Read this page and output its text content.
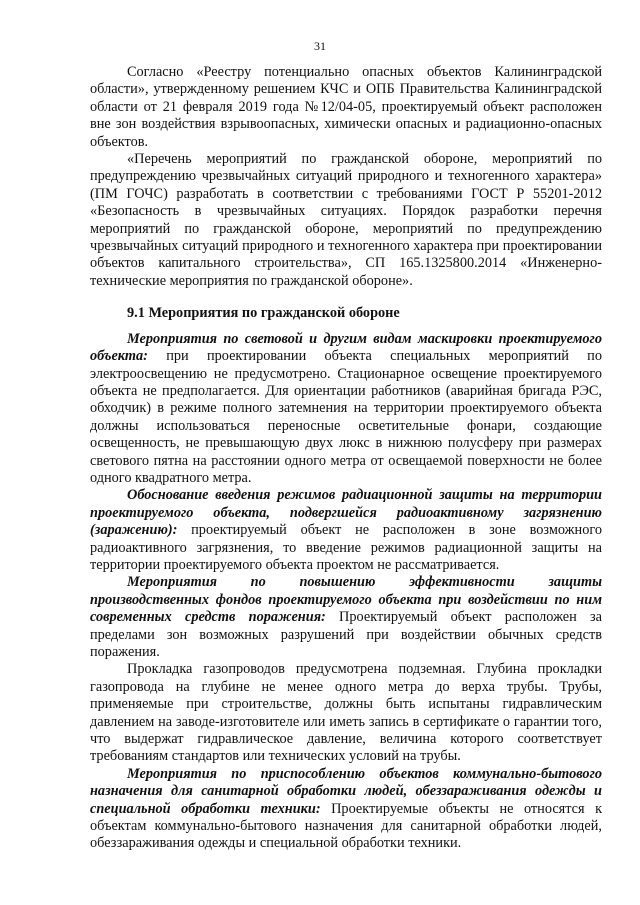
31

Согласно «Реестру потенциально опасных объектов Калининградской области», утвержденному решением КЧС и ОПБ Правительства Калининградской области от 21 февраля 2019 года №12/04-05, проектируемый объект расположен вне зон воздействия взрывоопасных, химически опасных и радиационно-опасных объектов.

«Перечень мероприятий по гражданской обороне, мероприятий по предупреждению чрезвычайных ситуаций природного и техногенного характера» (ПМ ГОЧС) разработать в соответствии с требованиями ГОСТ Р 55201-2012 «Безопасность в чрезвычайных ситуациях. Порядок разработки перечня мероприятий по гражданской обороне, мероприятий по предупреждению чрезвычайных ситуаций природного и техногенного характера при проектировании объектов капитального строительства», СП 165.1325800.2014 «Инженерно-технические мероприятия по гражданской обороне».

9.1 Мероприятия по гражданской обороне

Мероприятия по световой и другим видам маскировки проектируемого объекта: при проектировании объекта специальных мероприятий по электроосвещению не предусмотрено. Стационарное освещение проектируемого объекта не предполагается. Для ориентации работников (аварийная бригада РЭС, обходчик) в режиме полного затемнения на территории проектируемого объекта должны использоваться переносные осветительные фонари, создающие освещенность, не превышающую двух люкс в нижнюю полусферу при размерах светового пятна на расстоянии одного метра от освещаемой поверхности не более одного квадратного метра.

Обоснование введения режимов радиационной защиты на территории проектируемого объекта, подвергшейся радиоактивному загрязнению (заражению): проектируемый объект не расположен в зоне возможного радиоактивного загрязнения, то введение режимов радиационной защиты на территории проектируемого объекта проектом не рассматривается.

Мероприятия по повышению эффективности защиты производственных фондов проектируемого объекта при воздействии по ним современных средств поражения: Проектируемый объект расположен за пределами зон возможных разрушений при воздействии обычных средств поражения.

Прокладка газопроводов предусмотрена подземная. Глубина прокладки газопровода на глубине не менее одного метра до верха трубы. Трубы, применяемые при строительстве, должны быть испытаны гидравлическим давлением на заводе-изготовителе или иметь запись в сертификате о гарантии того, что выдержат гидравлическое давление, величина которого соответствует требованиям стандартов или технических условий на трубы.

Мероприятия по приспособлению объектов коммунально-бытового назначения для санитарной обработки людей, обеззараживания одежды и специальной обработки техники: Проектируемые объекты не относятся к объектам коммунально-бытового назначения для санитарной обработки людей, обеззараживания одежды и специальной обработки техники.
